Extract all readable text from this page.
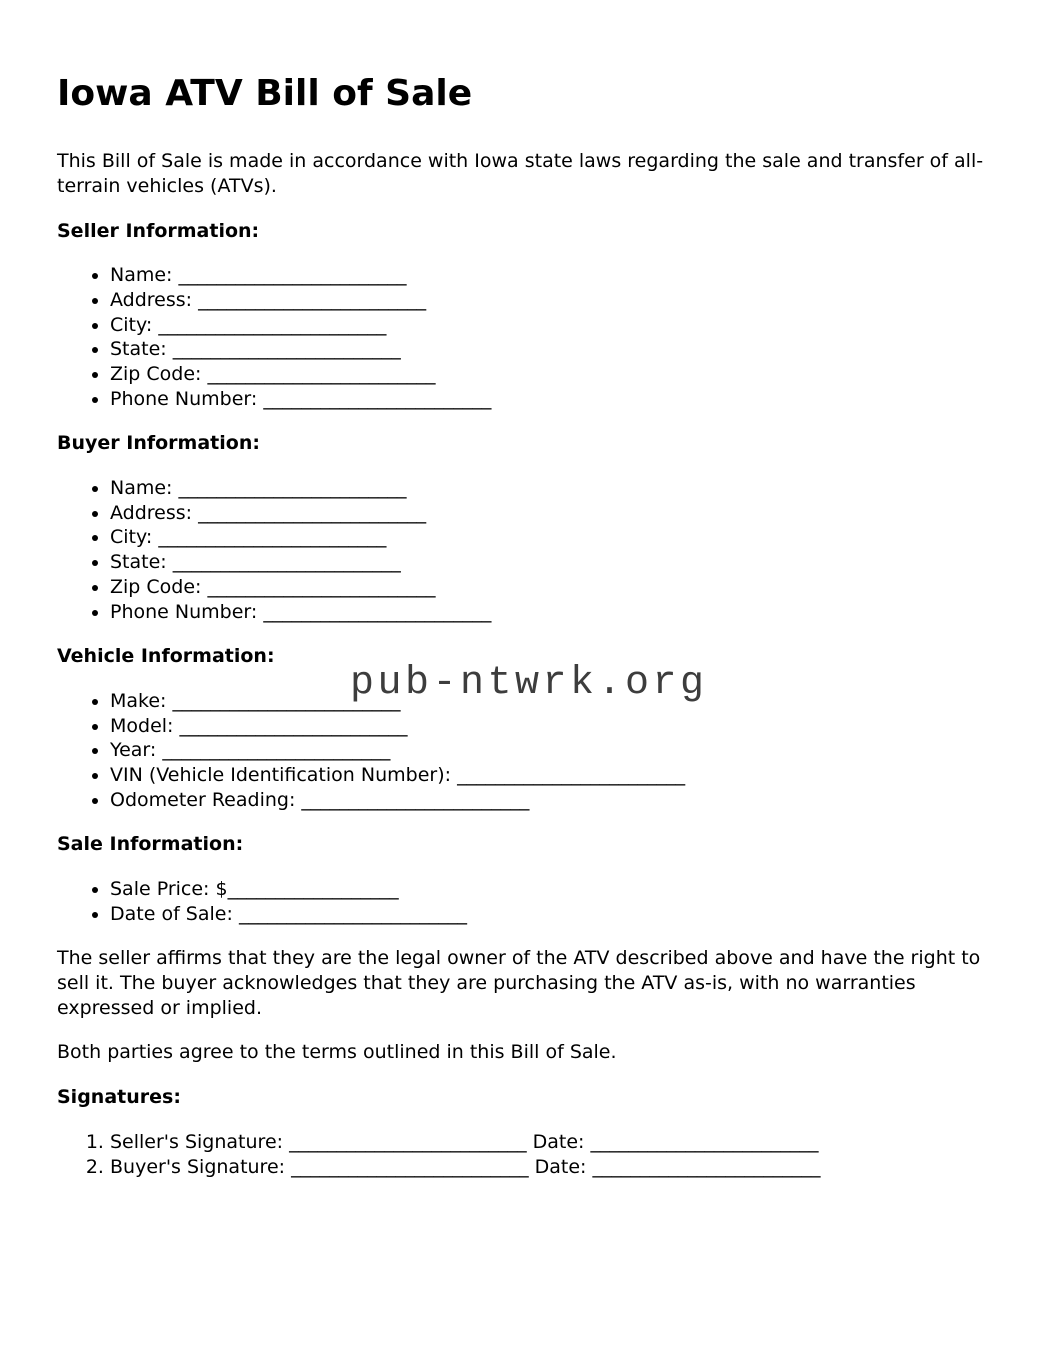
Iowa ATV Bill of Sale

This Bill of Sale is made in accordance with Iowa state laws regarding the sale and transfer of all-terrain vehicles (ATVs).

Seller Information:

• Name: ________________________
• Address: ________________________
• City: ________________________
• State: ________________________
• Zip Code: ________________________
• Phone Number: ________________________

Buyer Information:

• Name: ________________________
• Address: ________________________
• City: ________________________
• State: ________________________
• Zip Code: ________________________
• Phone Number: ________________________

Vehicle Information:

• Make: ________________________
• Model: ________________________
• Year: ________________________
• VIN (Vehicle Identification Number): ________________________
• Odometer Reading: ________________________

Sale Information:

• Sale Price: $__________________
• Date of Sale: ________________________

The seller affirms that they are the legal owner of the ATV described above and have the right to sell it. The buyer acknowledges that they are purchasing the ATV as-is, with no warranties expressed or implied.

Both parties agree to the terms outlined in this Bill of Sale.

Signatures:

1. Seller's Signature: _________________________ Date: ________________________
2. Buyer's Signature: _________________________ Date: ________________________
pub-ntwrk.org
